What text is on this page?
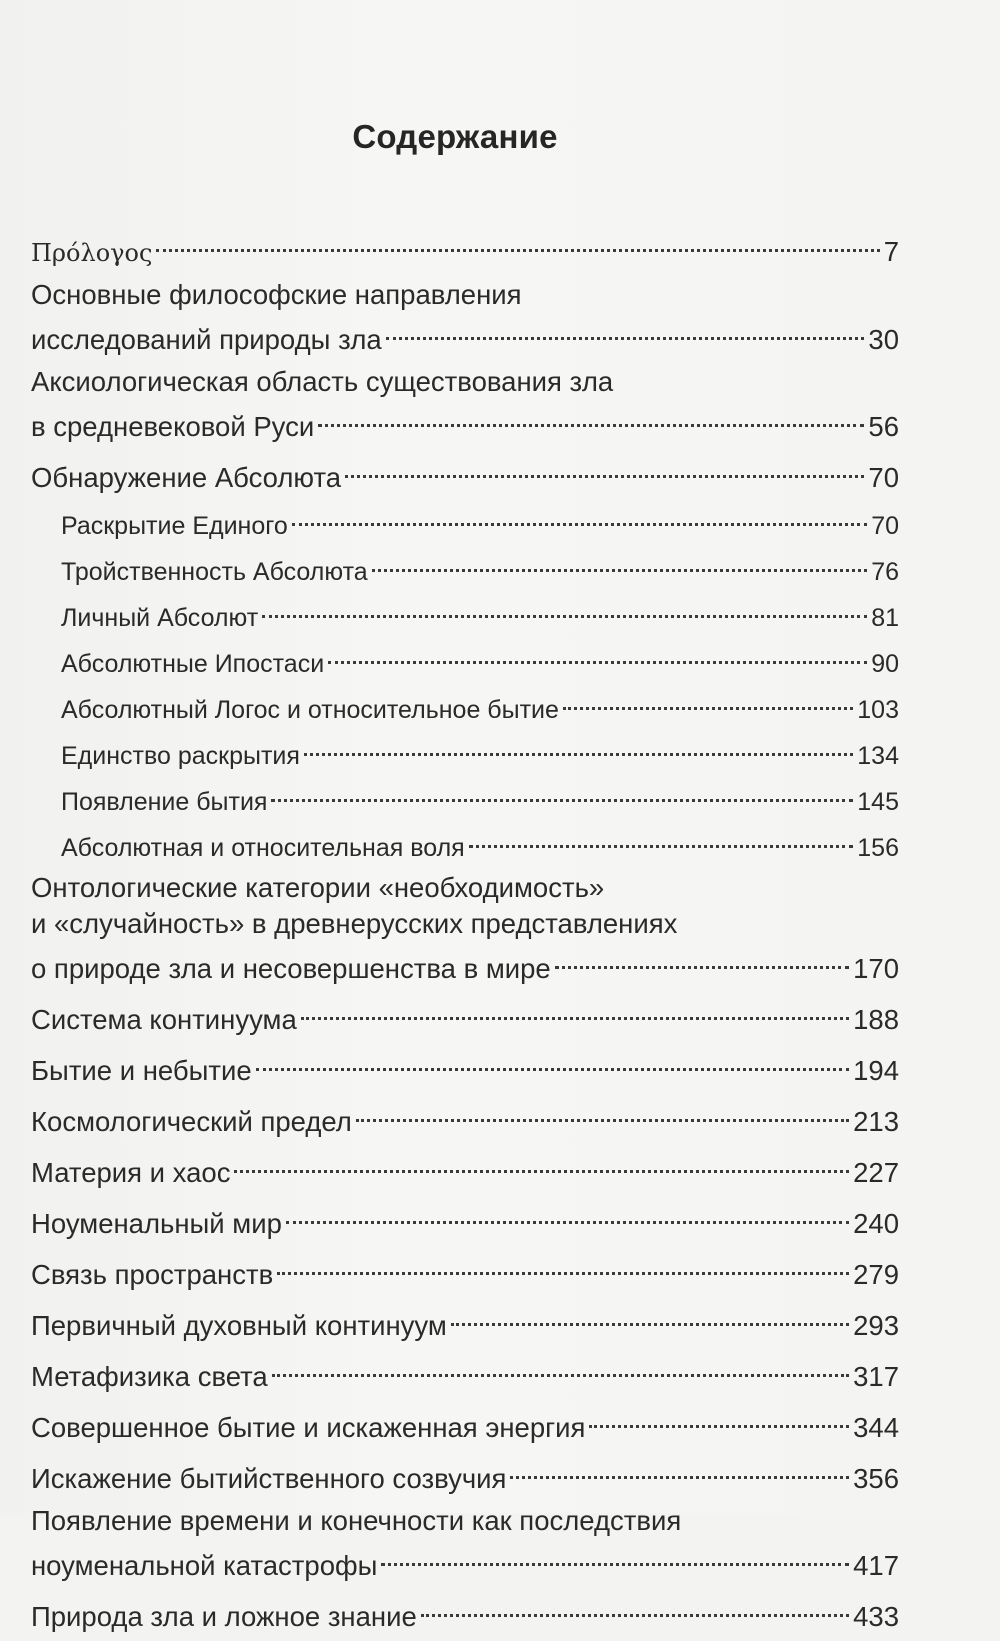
Содержание
Πρόλογος	7
Основные философские направления
исследований природы зла	30
Аксиологическая область существования зла
в средневековой Руси	56
Обнаружение Абсолюта	70
Раскрытие Единого	70
Тройственность Абсолюта	76
Личный Абсолют	81
Абсолютные Ипостаси	90
Абсолютный Логос и относительное бытие	103
Единство раскрытия	134
Появление бытия	145
Абсолютная и относительная воля	156
Онтологические категории «необходимость»
и «случайность» в древнерусских представлениях
о природе зла и несовершенства в мире	170
Система континуума	188
Бытие и небытие	194
Космологический предел	213
Материя и хаос	227
Ноуменальный мир	240
Связь пространств	279
Первичный духовный континуум	293
Метафизика света	317
Совершенное бытие и искаженная энергия	344
Искажение бытийственного созвучия	356
Появление времени и конечности как последствия
ноуменальной катастрофы	417
Природа зла и ложное знание	433
